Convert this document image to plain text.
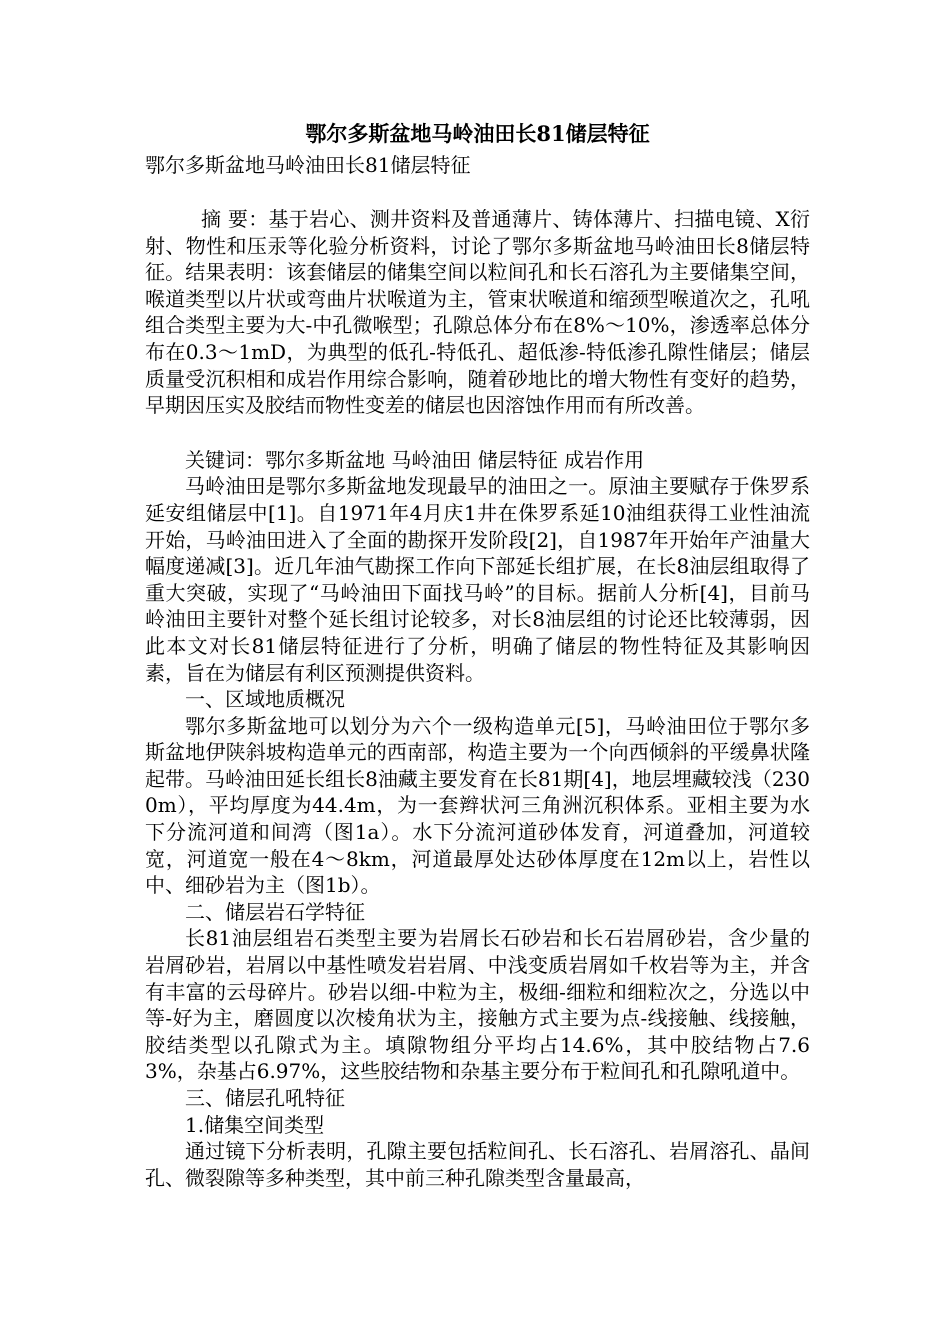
鄂尔多斯盆地马岭油田长81储层特征

鄂尔多斯盆地马岭油田长81储层特征

摘 要：基于岩心、测井资料及普通薄片、铸体薄片、扫描电镜、X衍射、物性和压汞等化验分析资料，讨论了鄂尔多斯盆地马岭油田长8储层特征。结果表明：该套储层的储集空间以粒间孔和长石溶孔为主要储集空间，喉道类型以片状或弯曲片状喉道为主，管束状喉道和缩颈型喉道次之，孔吼组合类型主要为大-中孔微喉型；孔隙总体分布在8%～10%，渗透率总体分布在0.3～1mD，为典型的低孔-特低孔、超低渗-特低渗孔隙性储层；储层质量受沉积相和成岩作用综合影响，随着砂地比的增大物性有变好的趋势，早期因压实及胶结而物性变差的储层也因溶蚀作用而有所改善。

关键词：鄂尔多斯盆地 马岭油田 储层特征 成岩作用

马岭油田是鄂尔多斯盆地发现最早的油田之一。原油主要赋存于侏罗系延安组储层中[1]。自1971年4月庆1井在侏罗系延10油组获得工业性油流开始，马岭油田进入了全面的勘探开发阶段[2]，自1987年开始年产油量大幅度递减[3]。近几年油气勘探工作向下部延长组扩展，在长8油层组取得了重大突破，实现了“马岭油田下面找马岭”的目标。据前人分析[4]，目前马岭油田主要针对整个延长组讨论较多，对长8油层组的讨论还比较薄弱，因此本文对长81储层特征进行了分析，明确了储层的物性特征及其影响因素，旨在为储层有利区预测提供资料。

一、区域地质概况

鄂尔多斯盆地可以划分为六个一级构造单元[5]，马岭油田位于鄂尔多斯盆地伊陕斜坡构造单元的西南部，构造主要为一个向西倾斜的平缓鼻状隆起带。马岭油田延长组长8油藏主要发育在长81期[4]，地层埋藏较浅（2300m），平均厚度为44.4m，为一套辫状河三角洲沉积体系。亚相主要为水下分流河道和间湾（图1a）。水下分流河道砂体发育，河道叠加，河道较宽，河道宽一般在4～8km，河道最厚处达砂体厚度在12m以上，岩性以中、细砂岩为主（图1b）。

二、储层岩石学特征

长81油层组岩石类型主要为岩屑长石砂岩和长石岩屑砂岩，含少量的岩屑砂岩，岩屑以中基性喷发岩岩屑、中浅变质岩屑如千枚岩等为主，并含有丰富的云母碎片。砂岩以细-中粒为主，极细-细粒和细粒次之，分选以中等-好为主，磨圆度以次棱角状为主，接触方式主要为点-线接触、线接触，胶结类型以孔隙式为主。填隙物组分平均占14.6%，其中胶结物占7.63%，杂基占6.97%，这些胶结物和杂基主要分布于粒间孔和孔隙吼道中。

三、储层孔吼特征

1.储集空间类型

通过镜下分析表明，孔隙主要包括粒间孔、长石溶孔、岩屑溶孔、晶间孔、微裂隙等多种类型，其中前三种孔隙类型含量最高，
